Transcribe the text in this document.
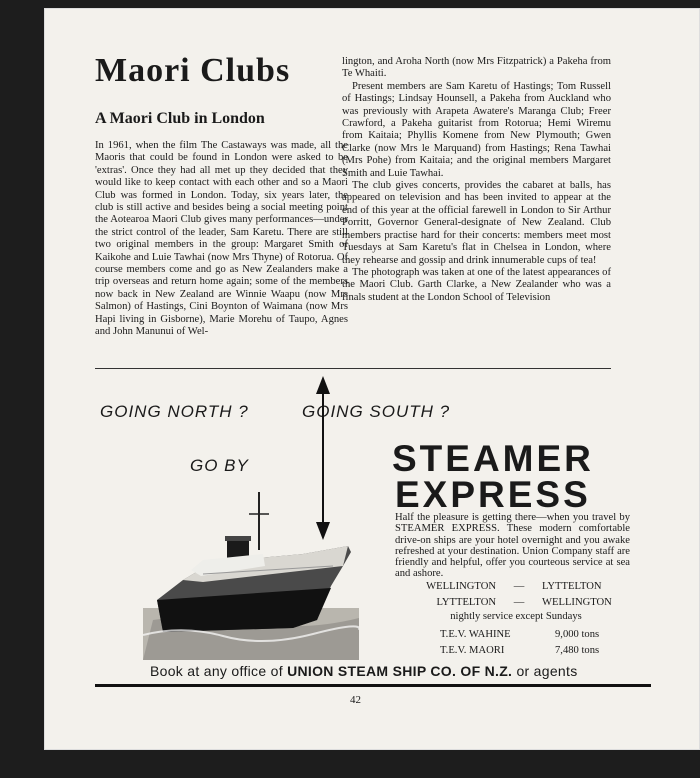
Maori Clubs
A Maori Club in London

In 1961, when the film The Castaways was made, all the Maoris that could be found in London were asked to be 'extras'. Once they had all met up they decided that they would like to keep contact with each other and so a Maori Club was formed in London. Today, six years later, the club is still active and besides being a social meeting point the Aotearoa Maori Club gives many performances—under the strict control of the leader, Sam Karetu. There are still two original members in the group: Margaret Smith of Kaikohe and Luie Tawhai (now Mrs Thyne) of Rotorua. Of course members come and go as New Zealanders make a trip overseas and return home again; some of the members now back in New Zealand are Winnie Waapu (now Mrs Salmon) of Hastings, Cini Boynton of Waimana (now Mrs Hapi living in Gisborne), Marie Morehu of Taupo, Agnes and John Manunui of Wel-

lington, and Aroha North (now Mrs Fitzpatrick) a Pakeha from Te Whaiti.

Present members are Sam Karetu of Hastings; Tom Russell of Hastings; Lindsay Hounsell, a Pakeha from Auckland who was previously with Arapeta Awatere's Maranga Club; Freer Crawford, a Pakeha guitarist from Rotorua; Hemi Wiremu from Kaitaia; Phyllis Komene from New Plymouth; Gwen Clarke (now Mrs le Marquand) from Hastings; Rena Tawhai (Mrs Pohe) from Kaitaia; and the original members Margaret Smith and Luie Tawhai.

The club gives concerts, provides the cabaret at balls, has appeared on television and has been invited to appear at the end of this year at the official farewell in London to Sir Arthur Porritt, Governor General-designate of New Zealand. Club members practise hard for their concerts: members meet most Tuesdays at Sam Karetu's flat in Chelsea in London, where they rehearse and gossip and drink innumerable cups of tea!

The photograph was taken at one of the latest appearances of the Maori Club. Garth Clarke, a New Zealander who was a finals student at the London School of Television

GOING NORTH ?	GOING SOUTH ?
GO BY	STEAMER
EXPRESS
Half the pleasure is getting there—when you travel by STEAMER EXPRESS. These modern comfortable drive-on ships are your hotel overnight and you awake refreshed at your destination. Union Company staff are friendly and helpful, offer you courteous service at sea and ashore.
WELLINGTON	—	LYTTELTON
LYTTELTON	—	WELLINGTON
nightly service except Sundays
T.E.V. WAHINE	9,000 tons
T.E.V. MAORI	7,480 tons
Book at any office of UNION STEAM SHIP CO. OF N.Z. or agents
42
